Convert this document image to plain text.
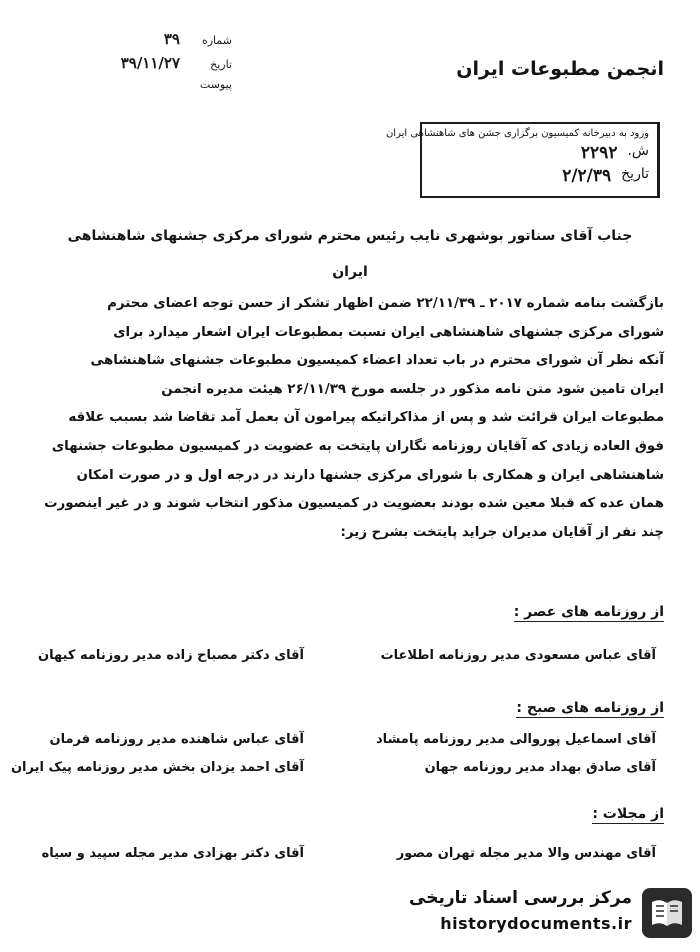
انجمن مطبوعات ایران
شماره
۳۹
تاریخ
۳۹/۱۱/۲۷
پیوست
ورود به دبیرخانه کمیسیون برگزاری جشن های شاهنشاهی ایران
ش.
۲۲۹۲
تاریخ
۲/۲/۳۹
جناب آقای سناتور بوشهری نایب رئیس محترم شورای مرکزی جشنهای شاهنشاهی
ایران
بازگشت بنامه شماره ۲۰۱۷ ـ ۲۲/۱۱/۳۹ ضمن اظهار تشکر از حسن توجه اعضای محترم
شورای مرکزی جشنهای شاهنشاهی ایران نسبت بمطبوعات ایران اشعار میدارد برای
آنکه نظر آن شورای محترم در باب تعداد اعضاء کمیسیون مطبوعات جشنهای شاهنشاهی
ایران تامین شود متن نامه مذکور در جلسه مورخ ۲۶/۱۱/۳۹ هیئت مدیره انجمن
مطبوعات ایران قرائت شد و پس از مذاکراتیکه پیرامون آن بعمل آمد تقاضا شد بسبب علاقه
فوق العاده زیادی که آقایان روزنامه نگاران پایتخت به عضویت در کمیسیون مطبوعات جشنهای
شاهنشاهی ایران و همکاری با شورای مرکزی جشنها دارند در درجه اول و در صورت امکان
همان عده که قبلا معین شده بودند بعضویت در کمیسیون مذکور انتخاب شوند و در غیر اینصورت
چند نفر از آقایان مدیران جراید پایتخت بشرح زیر:
از روزنامه های عصر :
آقای عباس مسعودی مدیر روزنامه اطلاعات
آقای دکتر مصباح زاده مدیر روزنامه کیهان
از روزنامه های صبح :
آقای اسماعیل پوروالی مدیر روزنامه پامشاد
آقای عباس شاهنده مدیر روزنامه فرمان
آقای صادق بهداد مدیر روزنامه جهان
آقای احمد یزدان بخش مدیر روزنامه پیک ایران
از مجلات :
آقای مهندس والا مدیر مجله تهران مصور
آقای دکتر بهزادی مدیر مجله سپید و سیاه
مرکز بررسی اسناد تاریخی
historydocuments.ir
